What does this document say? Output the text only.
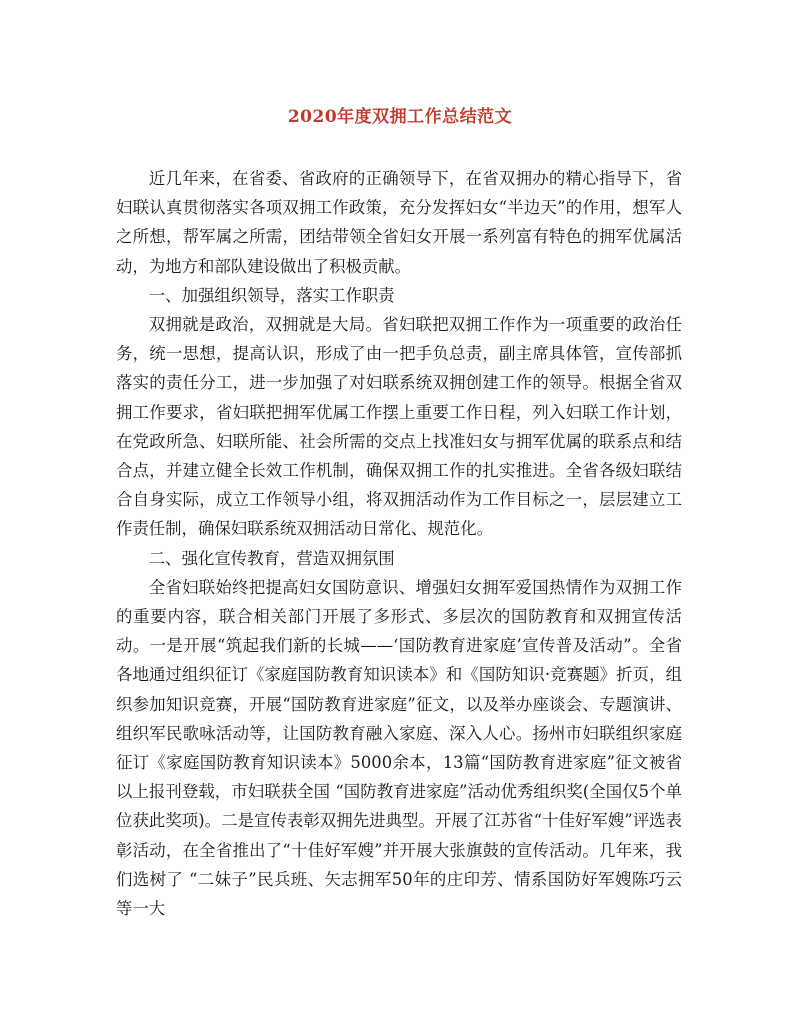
2020年度双拥工作总结范文

近几年来，在省委、省政府的正确领导下，在省双拥办的精心指导下，省妇联认真贯彻落实各项双拥工作政策，充分发挥妇女“半边天”的作用，想军人之所想，帮军属之所需，团结带领全省妇女开展一系列富有特色的拥军优属活动，为地方和部队建设做出了积极贡献。

一、加强组织领导，落实工作职责

双拥就是政治，双拥就是大局。省妇联把双拥工作作为一项重要的政治任务，统一思想，提高认识，形成了由一把手负总责，副主席具体管，宣传部抓落实的责任分工，进一步加强了对妇联系统双拥创建工作的领导。根据全省双拥工作要求，省妇联把拥军优属工作摆上重要工作日程，列入妇联工作计划，在党政所急、妇联所能、社会所需的交点上找准妇女与拥军优属的联系点和结合点，并建立健全长效工作机制，确保双拥工作的扎实推进。全省各级妇联结合自身实际，成立工作领导小组，将双拥活动作为工作目标之一，层层建立工作责任制，确保妇联系统双拥活动日常化、规范化。

二、强化宣传教育，营造双拥氛围

全省妇联始终把提高妇女国防意识、增强妇女拥军爱国热情作为双拥工作的重要内容，联合相关部门开展了多形式、多层次的国防教育和双拥宣传活动。一是开展“筑起我们新的长城——‘国防教育进家庭’宣传普及活动”。全省各地通过组织征订《家庭国防教育知识读本》和《国防知识·竞赛题》折页，组织参加知识竞赛，开展“国防教育进家庭”征文，以及举办座谈会、专题演讲、组织军民歌咏活动等，让国防教育融入家庭、深入人心。扬州市妇联组织家庭征订《家庭国防教育知识读本》5000余本，13篇“国防教育进家庭”征文被省以上报刊登载，市妇联获全国 “国防教育进家庭”活动优秀组织奖(全国仅5个单位获此奖项)。二是宣传表彰双拥先进典型。开展了江苏省“十佳好军嫂”评选表彰活动，在全省推出了“十佳好军嫂”并开展大张旗鼓的宣传活动。几年来，我们选树了 “二妹子”民兵班、矢志拥军50年的庄印芳、情系国防好军嫂陈巧云等一大
